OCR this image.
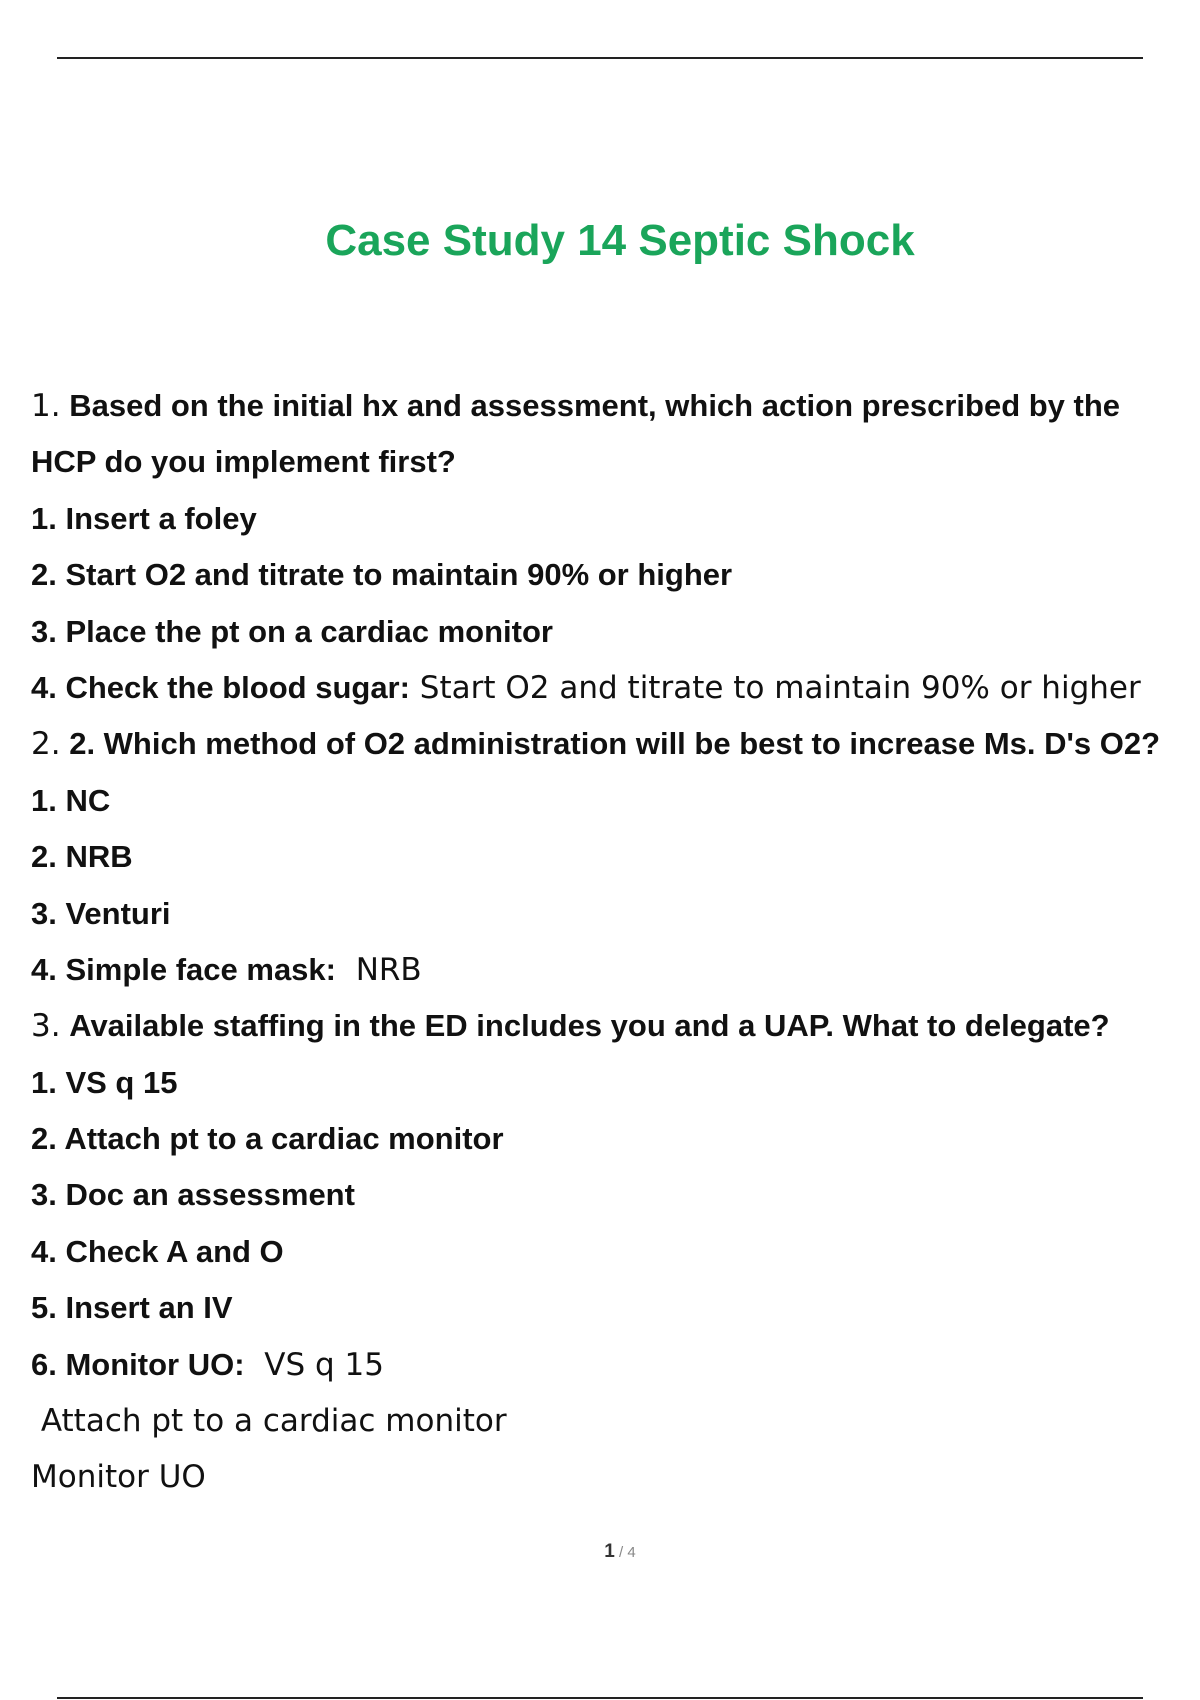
Case Study 14 Septic Shock
1. Based on the initial hx and assessment, which action prescribed by the
HCP do you implement first?
1. Insert a foley
2. Start O2 and titrate to maintain 90% or higher
3. Place the pt on a cardiac monitor
4. Check the blood sugar: Start O2 and titrate to maintain 90% or higher
2. 2. Which method of O2 administration will be best to increase Ms. D's O2?
1. NC
2. NRB
3. Venturi
4. Simple face mask:  NRB
3. Available staffing in the ED includes you and a UAP. What to delegate?
1. VS q 15
2. Attach pt to a cardiac monitor
3. Doc an assessment
4. Check A and O
5. Insert an IV
6. Monitor UO:  VS q 15
Attach pt to a cardiac monitor
Monitor UO
1 / 4
